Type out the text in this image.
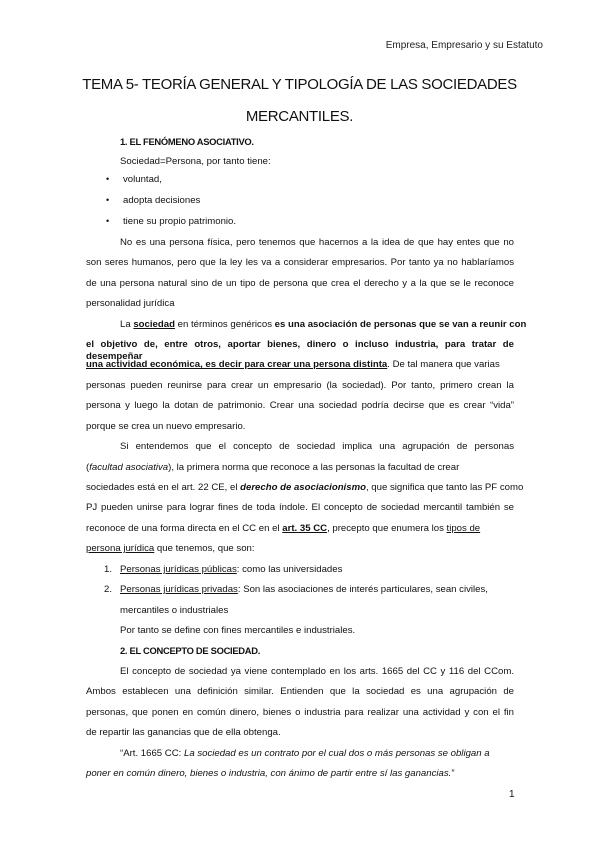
Empresa, Empresario y su Estatuto
TEMA 5- TEORÍA GENERAL Y TIPOLOGÍA DE LAS SOCIEDADES
MERCANTILES.
1. EL FENÓMENO ASOCIATIVO.
Sociedad=Persona, por tanto tiene:
• voluntad,
• adopta decisiones
• tiene su propio patrimonio.
No es una persona física, pero tenemos que hacernos a la idea de que hay entes que no
son seres humanos, pero que la ley les va a considerar empresarios. Por tanto ya no hablaríamos
de una persona natural sino de un tipo de persona que crea el derecho y a la que se le reconoce
personalidad jurídica
La sociedad en términos genéricos es una asociación de personas que se van a reunir con
el objetivo de, entre otros, aportar bienes, dinero o incluso industria, para tratar de desempeñar
una actividad económica, es decir para crear una persona distinta. De tal manera que varias
personas pueden reunirse para crear un empresario (la sociedad). Por tanto, primero crean la
persona y luego la dotan de patrimonio. Crear una sociedad podría decirse que es crear “vida”
porque se crea un nuevo empresario.
Si entendemos que el concepto de sociedad implica una agrupación de personas
(facultad asociativa), la primera norma que reconoce a las personas la facultad de crear
sociedades está en el art. 22 CE, el derecho de asociacionismo, que significa que tanto las PF como
PJ pueden unirse para lograr fines de toda índole. El concepto de sociedad mercantil también se
reconoce de una forma directa en el CC en el art. 35 CC, precepto que enumera los tipos de
persona jurídica que tenemos, que son:
1. Personas jurídicas públicas: como las universidades
2. Personas jurídicas privadas: Son las asociaciones de interés particulares, sean civiles,
mercantiles o industriales
Por tanto se define con fines mercantiles e industriales.
2. EL CONCEPTO DE SOCIEDAD.
El concepto de sociedad ya viene contemplado en los arts. 1665 del CC y 116 del CCom.
Ambos establecen una definición similar. Entienden que la sociedad es una agrupación de
personas, que ponen en común dinero, bienes o industria para realizar una actividad y con el fin
de repartir las ganancias que de ella obtenga.
“Art. 1665 CC: La sociedad es un contrato por el cual dos o más personas se obligan a
poner en común dinero, bienes o industria, con ánimo de partir entre sí las ganancias.”
1
